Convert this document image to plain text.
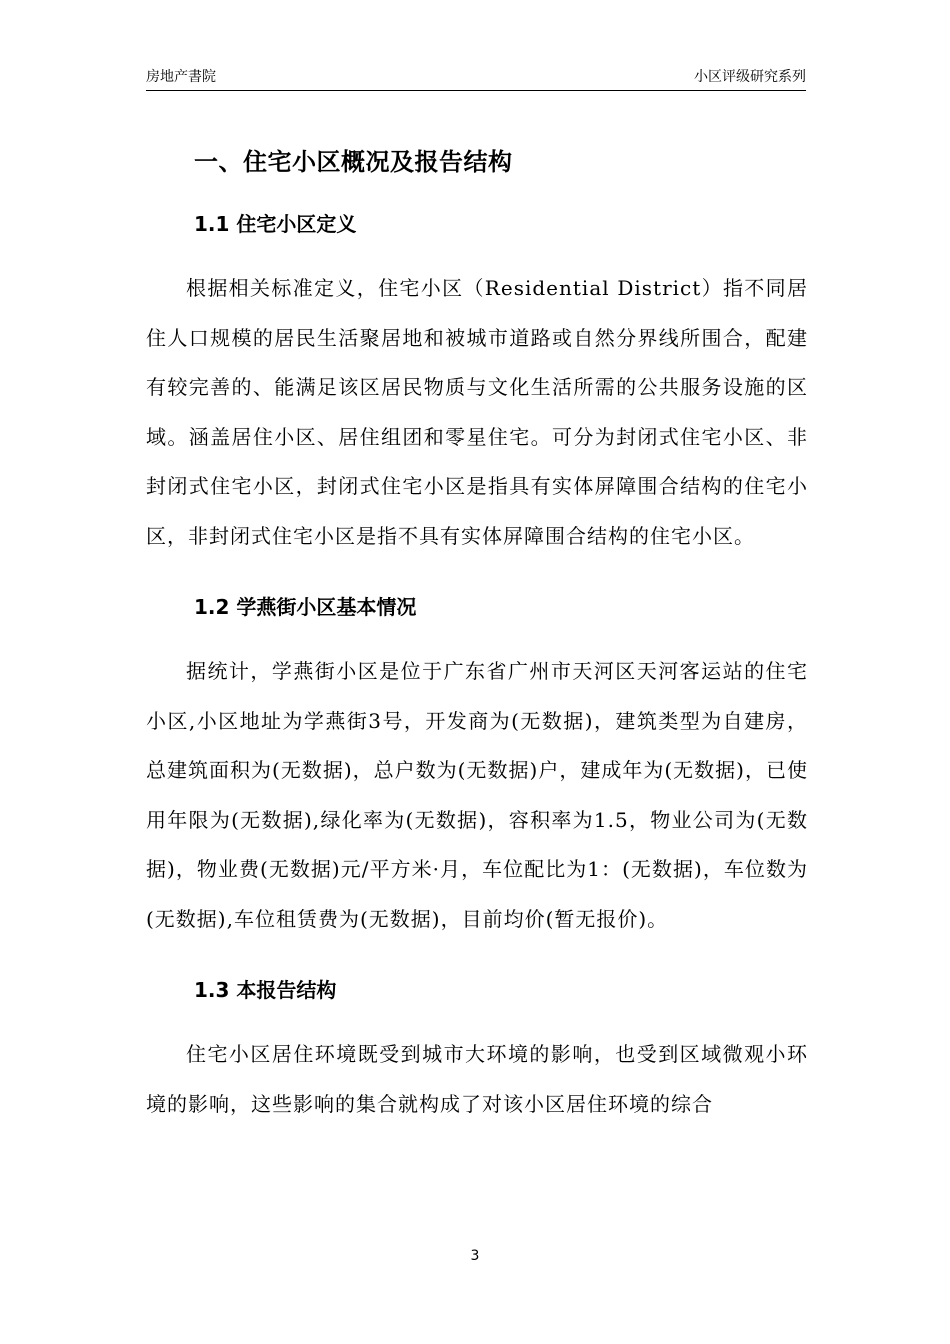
房地产書院	小区评级研究系列
一、住宅小区概况及报告结构
1.1 住宅小区定义

根据相关标准定义，住宅小区（Residential District）指不同居住人口规模的居民生活聚居地和被城市道路或自然分界线所围合，配建有较完善的、能满足该区居民物质与文化生活所需的公共服务设施的区域。涵盖居住小区、居住组团和零星住宅。可分为封闭式住宅小区、非封闭式住宅小区，封闭式住宅小区是指具有实体屏障围合结构的住宅小区，非封闭式住宅小区是指不具有实体屏障围合结构的住宅小区。

1.2 学燕街小区基本情况

据统计，学燕街小区是位于广东省广州市天河区天河客运站的住宅小区,小区地址为学燕街3号，开发商为(无数据)，建筑类型为自建房，总建筑面积为(无数据)，总户数为(无数据)户，建成年为(无数据)，已使用年限为(无数据),绿化率为(无数据)，容积率为1.5，物业公司为(无数据)，物业费(无数据)元/平方米·月，车位配比为1：(无数据)，车位数为(无数据),车位租赁费为(无数据)，目前均价(暂无报价)。

1.3 本报告结构

住宅小区居住环境既受到城市大环境的影响，也受到区域微观小环境的影响，这些影响的集合就构成了对该小区居住环境的综合

3
